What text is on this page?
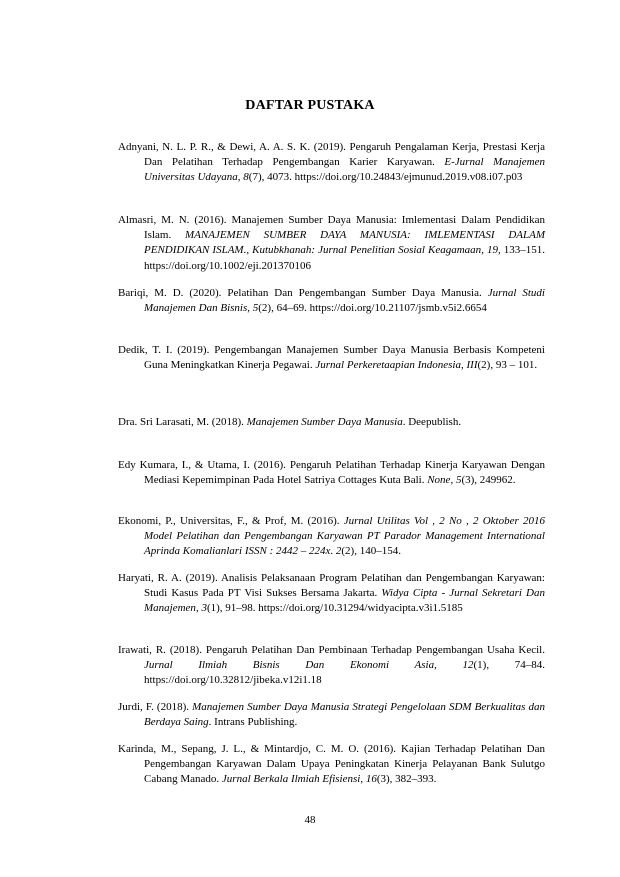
DAFTAR PUSTAKA
Adnyani, N. L. P. R., & Dewi, A. A. S. K. (2019). Pengaruh Pengalaman Kerja, Prestasi Kerja Dan Pelatihan Terhadap Pengembangan Karier Karyawan. E-Jurnal Manajemen Universitas Udayana, 8(7), 4073. https://doi.org/10.24843/ejmunud.2019.v08.i07.p03
Almasri, M. N. (2016). Manajemen Sumber Daya Manusia: Imlementasi Dalam Pendidikan Islam. MANAJEMEN SUMBER DAYA MANUSIA: IMLEMENTASI DALAM PENDIDIKAN ISLAM., Kutubkhanah: Jurnal Penelitian Sosial Keagamaan, 19, 133–151. https://doi.org/10.1002/eji.201370106
Bariqi, M. D. (2020). Pelatihan Dan Pengembangan Sumber Daya Manusia. Jurnal Studi Manajemen Dan Bisnis, 5(2), 64–69. https://doi.org/10.21107/jsmb.v5i2.6654
Dedik, T. I. (2019). Pengembangan Manajemen Sumber Daya Manusia Berbasis Kompeteni Guna Meningkatkan Kinerja Pegawai. Jurnal Perkeretaapian Indonesia, III(2), 93 – 101.
Dra. Sri Larasati, M. (2018). Manajemen Sumber Daya Manusia. Deepublish.
Edy Kumara, I., & Utama, I. (2016). Pengaruh Pelatihan Terhadap Kinerja Karyawan Dengan Mediasi Kepemimpinan Pada Hotel Satriya Cottages Kuta Bali. None, 5(3), 249962.
Ekonomi, P., Universitas, F., & Prof, M. (2016). Jurnal Utilitas Vol , 2 No , 2 Oktober 2016 Model Pelatihan dan Pengembangan Karyawan PT Parador Management International Aprinda Komalianlari ISSN : 2442 – 224x. 2(2), 140–154.
Haryati, R. A. (2019). Analisis Pelaksanaan Program Pelatihan dan Pengembangan Karyawan: Studi Kasus Pada PT Visi Sukses Bersama Jakarta. Widya Cipta - Jurnal Sekretari Dan Manajemen, 3(1), 91–98. https://doi.org/10.31294/widyacipta.v3i1.5185
Irawati, R. (2018). Pengaruh Pelatihan Dan Pembinaan Terhadap Pengembangan Usaha Kecil. Jurnal Ilmiah Bisnis Dan Ekonomi Asia, 12(1), 74–84. https://doi.org/10.32812/jibeka.v12i1.18
Jurdi, F. (2018). Manajemen Sumber Daya Manusia Strategi Pengelolaan SDM Berkualitas dan Berdaya Saing. Intrans Publishing.
Karinda, M., Sepang, J. L., & Mintardjo, C. M. O. (2016). Kajian Terhadap Pelatihan Dan Pengembangan Karyawan Dalam Upaya Peningkatan Kinerja Pelayanan Bank Sulutgo Cabang Manado. Jurnal Berkala Ilmiah Efisiensi, 16(3), 382–393.
48
